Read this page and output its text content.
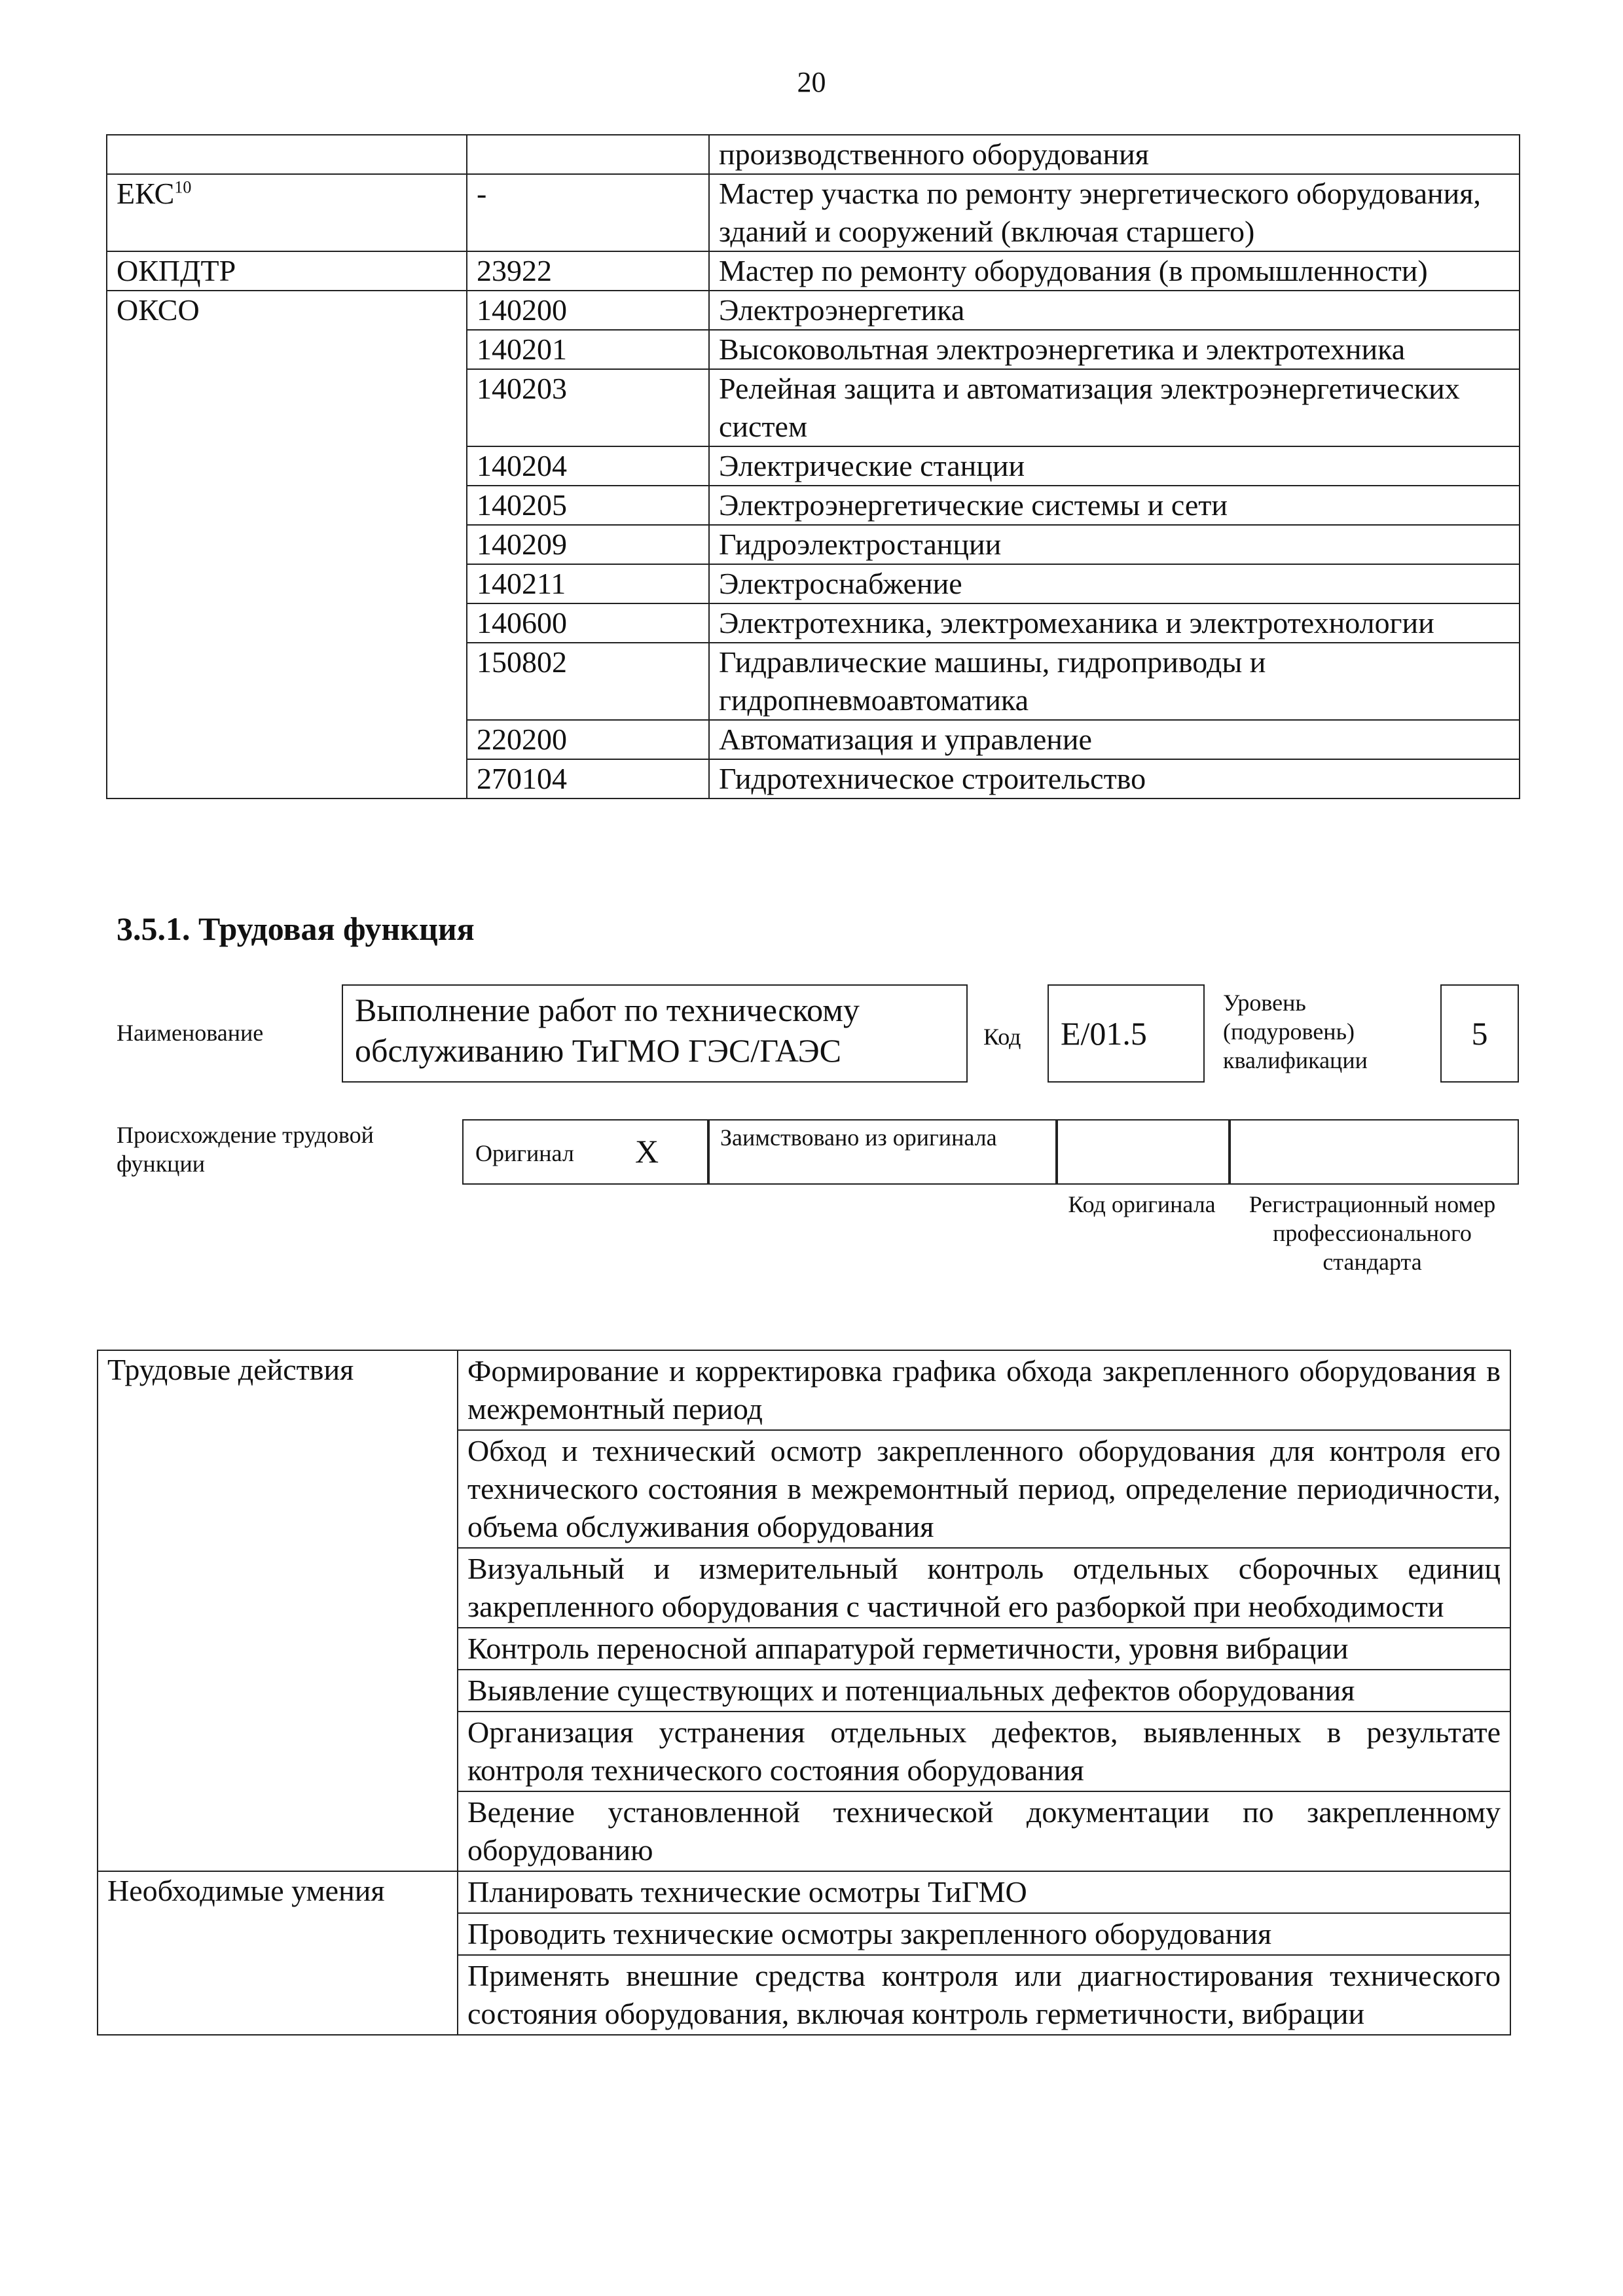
20
		производственного оборудования
ЕКС$^{10}$	-	Мастер участка по ремонту энергетического оборудования, зданий и сооружений (включая старшего)
ОКПДТР	23922	Мастер по ремонту оборудования (в промышленности)
ОКСО	140200	Электроэнергетика
	140201	Высоковольтная электроэнергетика и электротехника
	140203	Релейная защита и автоматизация электроэнергетических систем
	140204	Электрические станции
	140205	Электроэнергетические системы и сети
	140209	Гидроэлектростанции
	140211	Электроснабжение
	140600	Электротехника, электромеханика и электротехнологии
	150802	Гидравлические машины, гидроприводы и гидропневмоавтоматика
	220200	Автоматизация и управление
	270104	Гидротехническое строительство
3.5.1. Трудовая функция
Наименование
Выполнение работ по техническому обслуживанию ТиГМО ГЭС/ГАЭС	Код	E/01.5
Уровень (подуровень) квалификации
5
Происхождение трудовой функции	Оригинал X	Заимствовано из оригинала
Код оригинала	Регистрационный номер профессионального стандарта
Трудовые действия	Формирование и корректировка графика обхода закрепленного оборудования в межремонтный период
	Обход и технический осмотр закрепленного оборудования для контроля его технического состояния в межремонтный период, определение периодичности, объема обслуживания оборудования
	Визуальный и измерительный контроль отдельных сборочных единиц закрепленного оборудования с частичной его разборкой при необходимости
	Контроль переносной аппаратурой герметичности, уровня вибрации
	Выявление существующих и потенциальных дефектов оборудования
	Организация устранения отдельных дефектов, выявленных в результате контроля технического состояния оборудования
	Ведение установленной технической документации по закрепленному оборудованию
Необходимые умения	Планировать технические осмотры ТиГМО
	Проводить технические осмотры закрепленного оборудования
	Применять внешние средства контроля или диагностирования технического состояния оборудования, включая контроль герметичности, вибрации
